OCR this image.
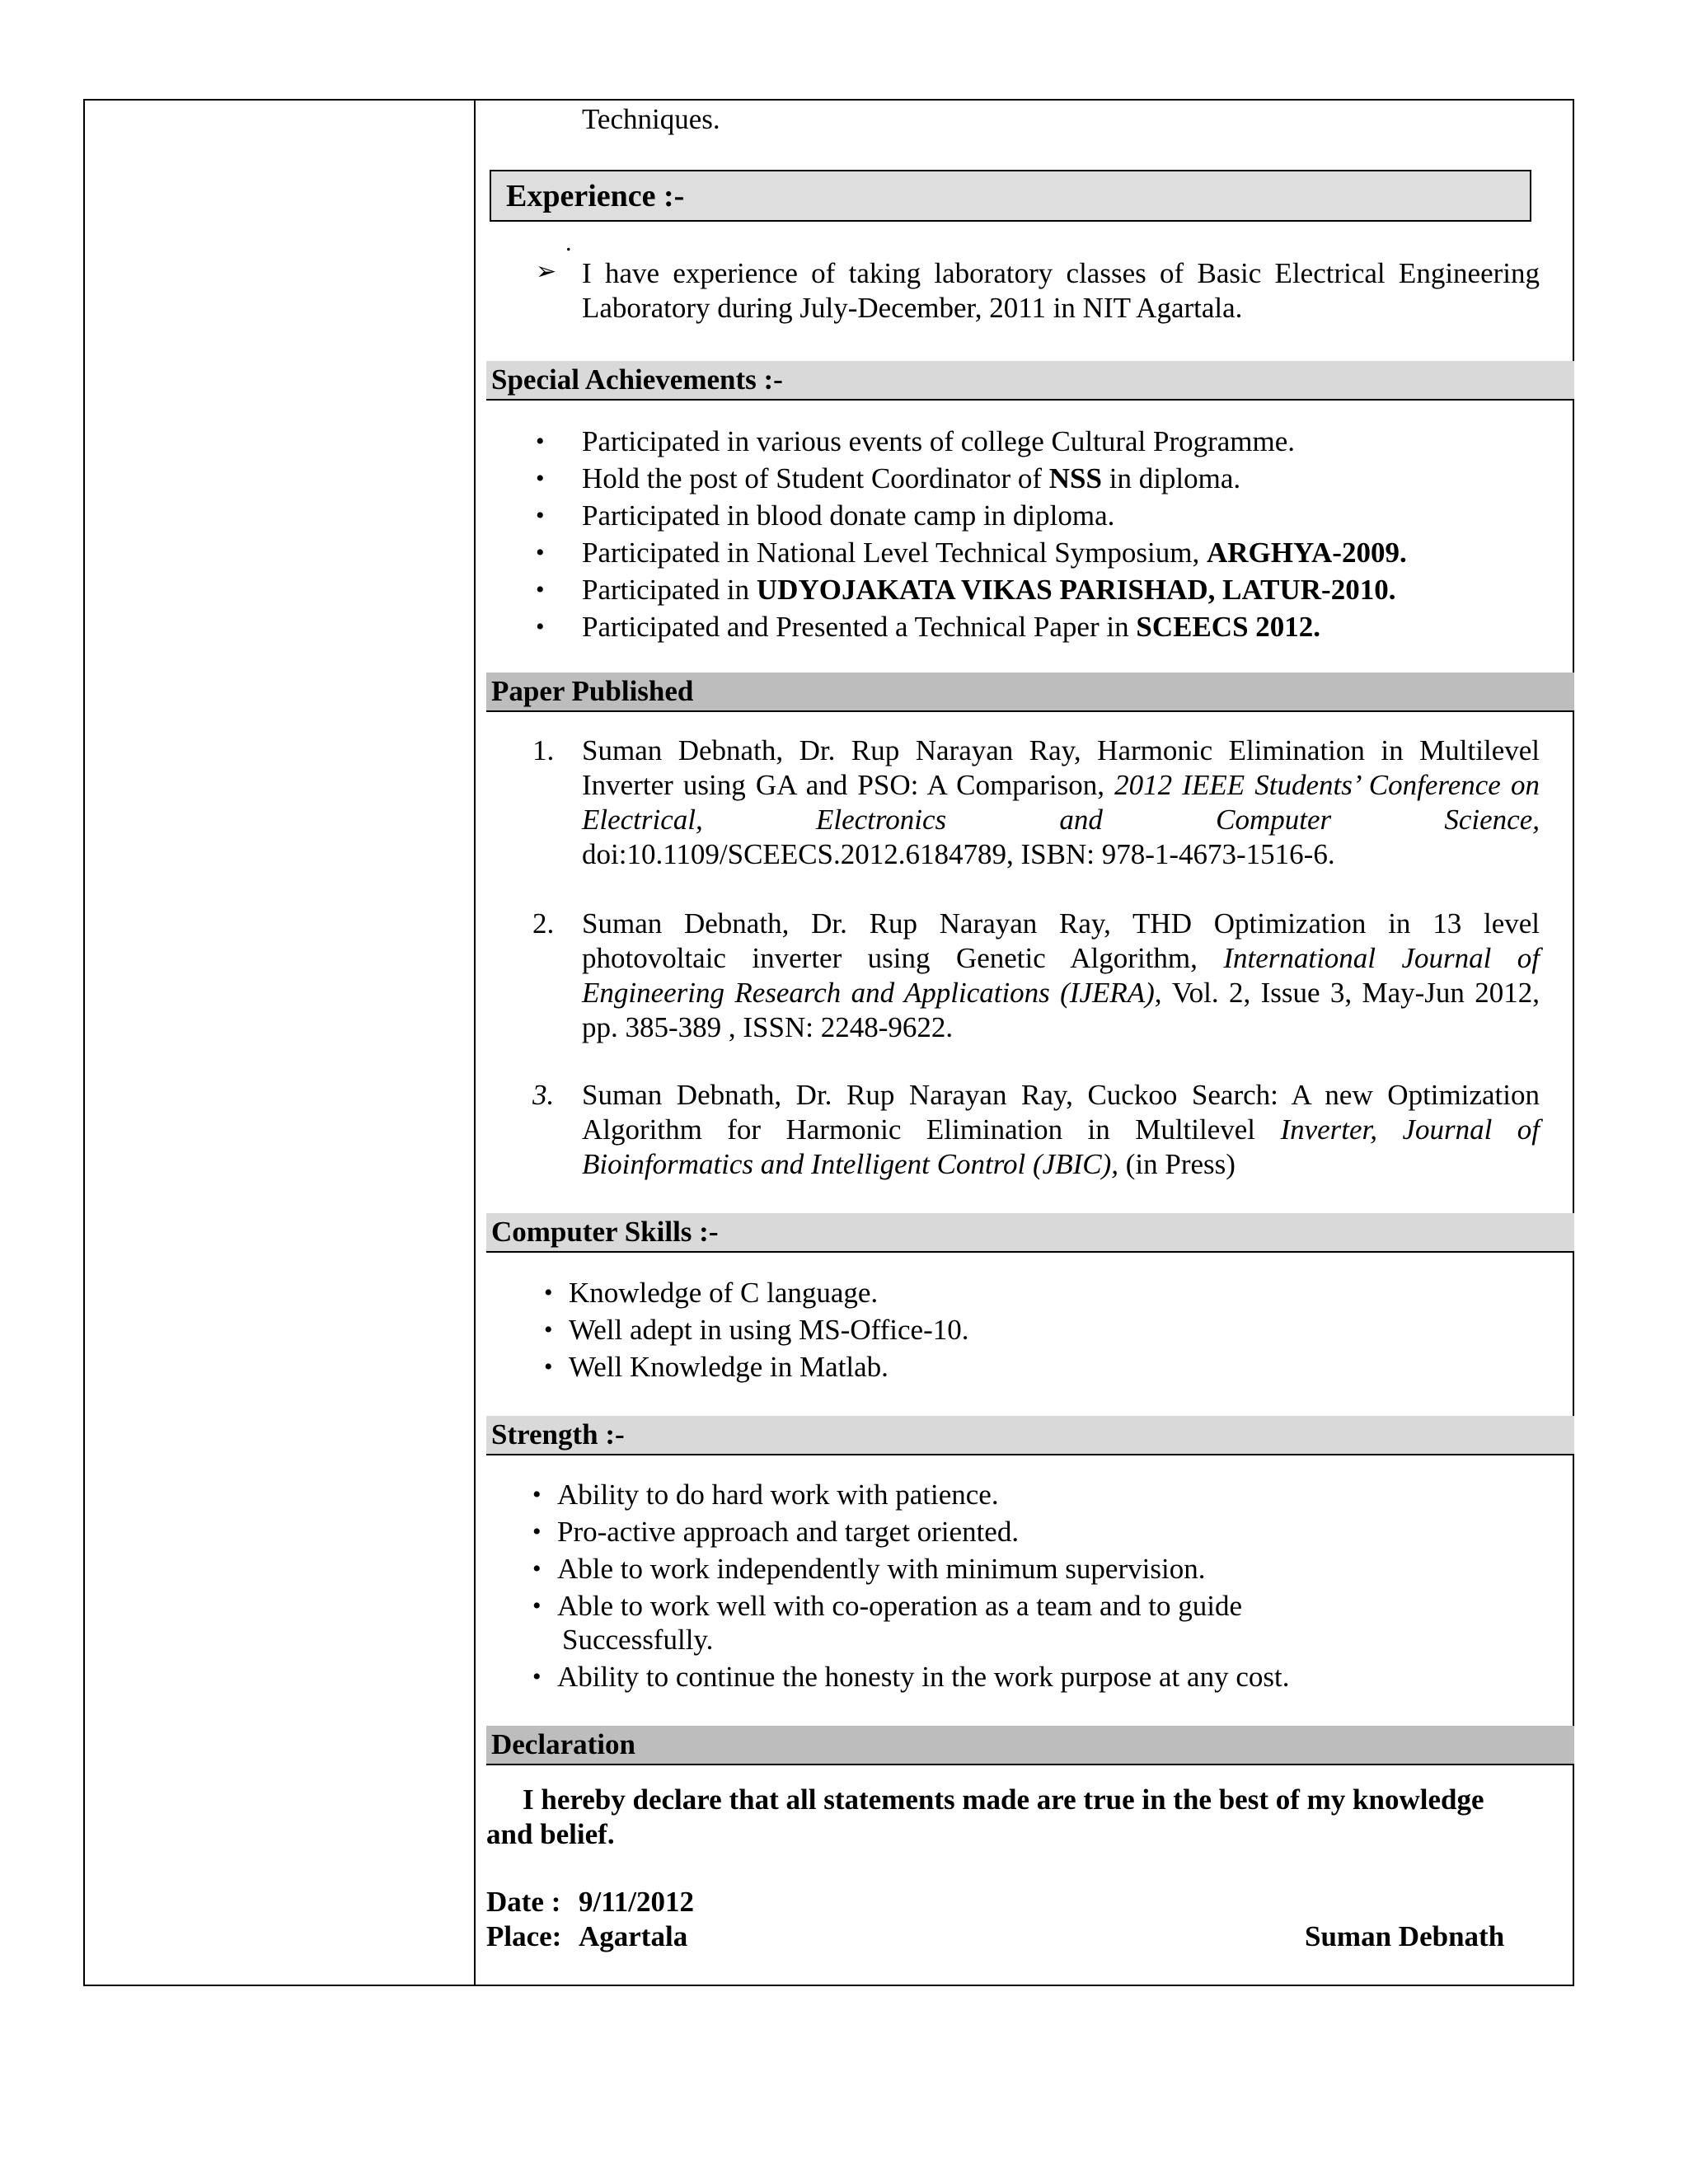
Techniques.
Experience :-
.
➢ I have experience of taking laboratory classes of Basic Electrical Engineering Laboratory during July-December, 2011 in NIT Agartala.
Special Achievements :-
• Participated in various events of college Cultural Programme.
• Hold the post of Student Coordinator of NSS in diploma.
• Participated in blood donate camp in diploma.
• Participated in National Level Technical Symposium, ARGHYA-2009.
• Participated in UDYOJAKATA VIKAS PARISHAD, LATUR-2010.
• Participated and Presented a Technical Paper in SCEECS 2012.
Paper Published
1. Suman Debnath, Dr. Rup Narayan Ray, Harmonic Elimination in Multilevel Inverter using GA and PSO: A Comparison, 2012 IEEE Students’ Conference on Electrical, Electronics and Computer Science, doi:10.1109/SCEECS.2012.6184789, ISBN: 978-1-4673-1516-6.
2. Suman Debnath, Dr. Rup Narayan Ray, THD Optimization in 13 level photovoltaic inverter using Genetic Algorithm, International Journal of Engineering Research and Applications (IJERA), Vol. 2, Issue 3, May-Jun 2012, pp. 385-389 , ISSN: 2248-9622.
3. Suman Debnath, Dr. Rup Narayan Ray, Cuckoo Search: A new Optimization Algorithm for Harmonic Elimination in Multilevel Inverter, Journal of Bioinformatics and Intelligent Control (JBIC), (in Press)
Computer Skills :-
• Knowledge of C language.
• Well adept in using MS-Office-10.
• Well Knowledge in Matlab.
Strength :-
• Ability to do hard work with patience.
• Pro-active approach and target oriented.
• Able to work independently with minimum supervision.
• Able to work well with co-operation as a team and to guide
Successfully.
• Ability to continue the honesty in the work purpose at any cost.
Declaration
I hereby declare that all statements made are true in the best of my knowledge
and belief.
Date : 9/11/2012
Place: Agartala	Suman Debnath
